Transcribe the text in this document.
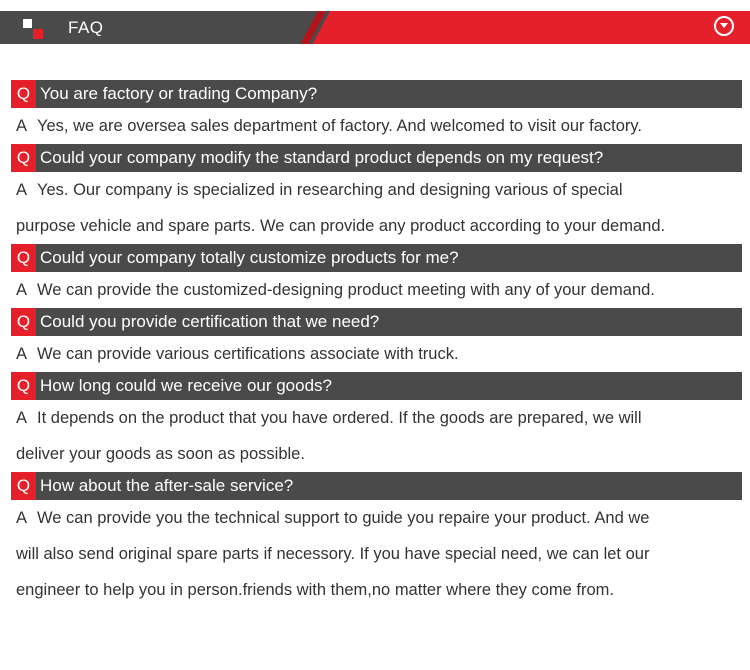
FAQ
Q You are factory or trading Company?
A Yes, we are oversea sales department of factory. And welcomed to visit our factory.
Q Could your company modify the standard product depends on my request?
A Yes. Our company is specialized in researching and designing various of special
purpose vehicle and spare parts. We can provide any product according to your demand.
Q Could your company totally customize products for me?
A We can provide the customized-designing product meeting with any of your demand.
Q Could you provide certification that we need?
A We can provide various certifications associate with truck.
Q How long could we receive our goods?
A It depends on the product that you have ordered. If the goods are prepared, we will
deliver your goods as soon as possible.
Q How about the after-sale service?
A We can provide you the technical support to guide you repaire your product. And we
will also send original spare parts if necessory. If you have special need, we can let our
engineer to help you in person.friends with them,no matter where they come from.
